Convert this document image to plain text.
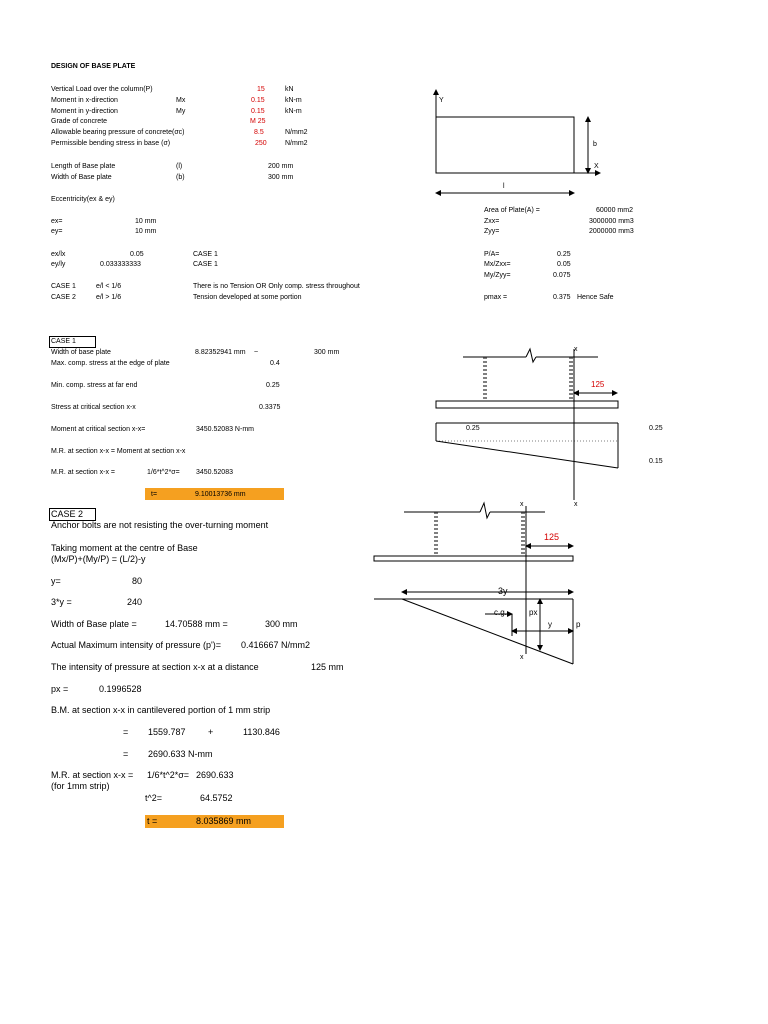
DESIGN OF BASE PLATE
Vertical Load over the column(P)	15	kN
Moment in x-direction	Mx	0.15	kN-m
Moment in y-direction	My	0.15	kN-m
Grade of concrete	M 25
Allowable bearing pressure of concrete(σc)	8.5	N/mm2
Permissible bending stress in base (σ)	250	N/mm2
Length of Base plate	(l)	200 mm
Width of Base plate	(b)	300 mm
Eccentricity(ex & ey)
ex=	10 mm
ey=	10 mm
ex/lx	0.05	CASE 1
ey/ly	0.033333333	CASE 1
CASE 1	e/l < 1/6	There is no Tension OR Only comp. stress throughout
CASE 2	e/l > 1/6	Tension developed at some portion
Area of Plate(A) =	60000 mm2
Zxx=	3000000 mm3
Zyy=	2000000 mm3
P/A=	0.25
Mx/Zxx=	0.05
My/Zyy=	0.075
pmax =	0.375 Hence Safe
CASE 1
Width of base plate	8.82352941 mm ~	300 mm
Max. comp. stress at the edge of plate	0.4
Min. comp. stress at far end	0.25
Stress at critical section x-x	0.3375
Moment at critical section x-x=	3450.52083 N-mm
M.R. at section x-x = Moment at section x-x
M.R. at section x-x =	1/6*t^2*σ= 3450.52083
t=	9.10013736 mm
CASE 2
Anchor bolts are not resisting the over-turning moment
Taking moment at the centre of Base
(Mx/P)+(My/P) = (L/2)-y
y=	80
3*y =	240
Width of Base plate =	14.70588 mm =	300 mm
Actual Maximum intensity of pressure (p')= 0.416667 N/mm2
The intensity of pressure at section x-x at a distance	125 mm
px =	0.1996528
B.M. at section x-x in cantilevered portion of 1 mm strip
= 1559.787 +	1130.846
= 2690.633 N-mm
M.R. at section x-x = 1/6*t^2*σ= 2690.633
(for 1mm strip)
t^2=	64.5752
t =	8.035869 mm
Y
X
b
l
x
x
125
0.25	0.25
0.15
x
x
125
3y
c.g.	px
y	p
